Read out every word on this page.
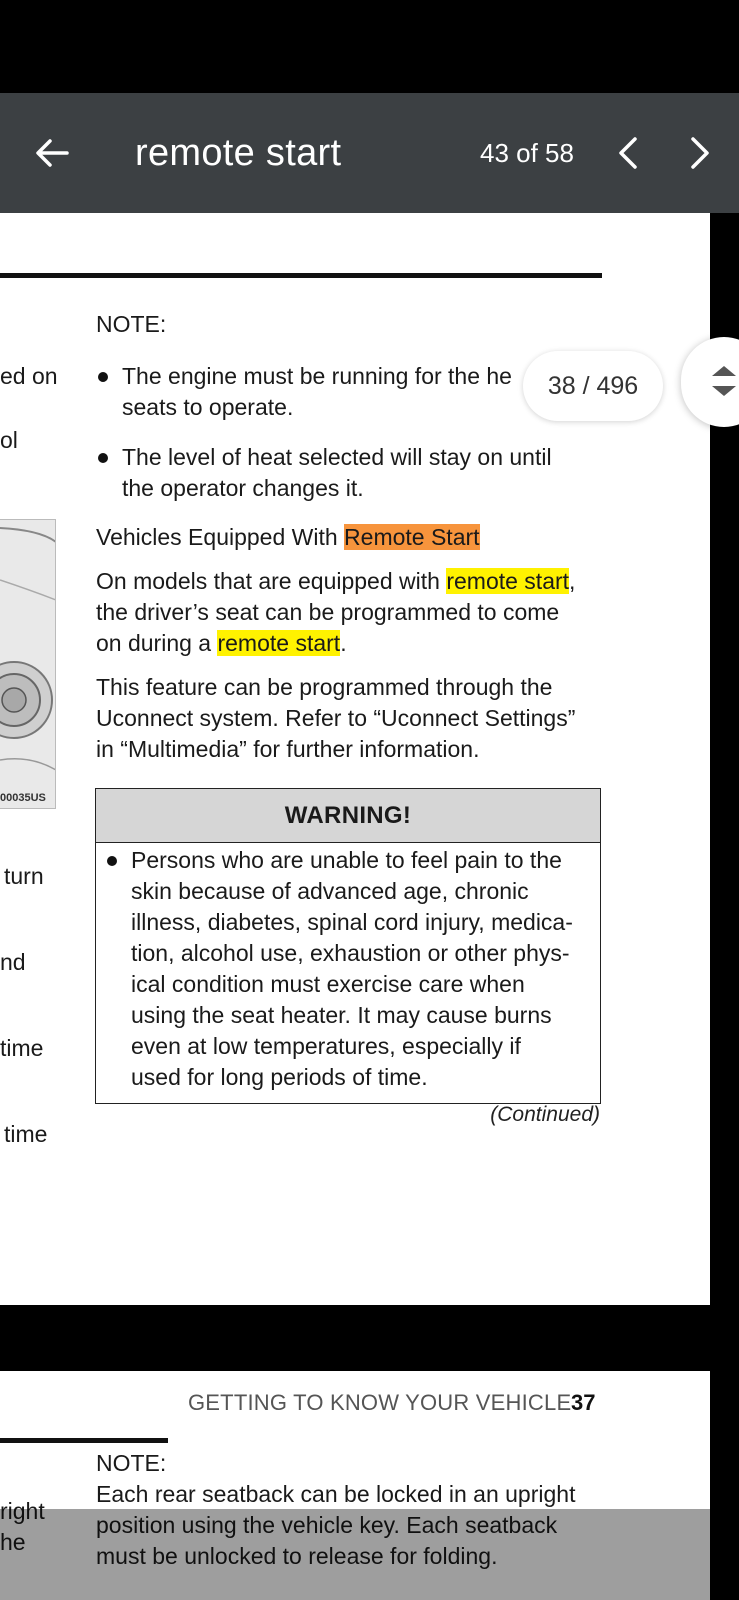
remote start	43 of 58
NOTE:
The engine must be running for the he
seats to operate.
The level of heat selected will stay on until
the operator changes it.
Vehicles Equipped With Remote Start
On models that are equipped with remote start,
the driver’s seat can be programmed to come
on during a remote start.
This feature can be programmed through the
Uconnect system. Refer to “Uconnect Settings”
in “Multimedia” for further information.
00035US
ed on
ol
turn
nd
time
time
WARNING!
Persons who are unable to feel pain to the
skin because of advanced age, chronic
illness, diabetes, spinal cord injury, medica-
tion, alcohol use, exhaustion or other phys-
ical condition must exercise care when
using the seat heater. It may cause burns
even at low temperatures, especially if
used for long periods of time.
(Continued)
GETTING TO KNOW YOUR VEHICLE 37
NOTE:
Each rear seatback can be locked in an upright
position using the vehicle key. Each seatback
must be unlocked to release for folding.
right
he
38 / 496
